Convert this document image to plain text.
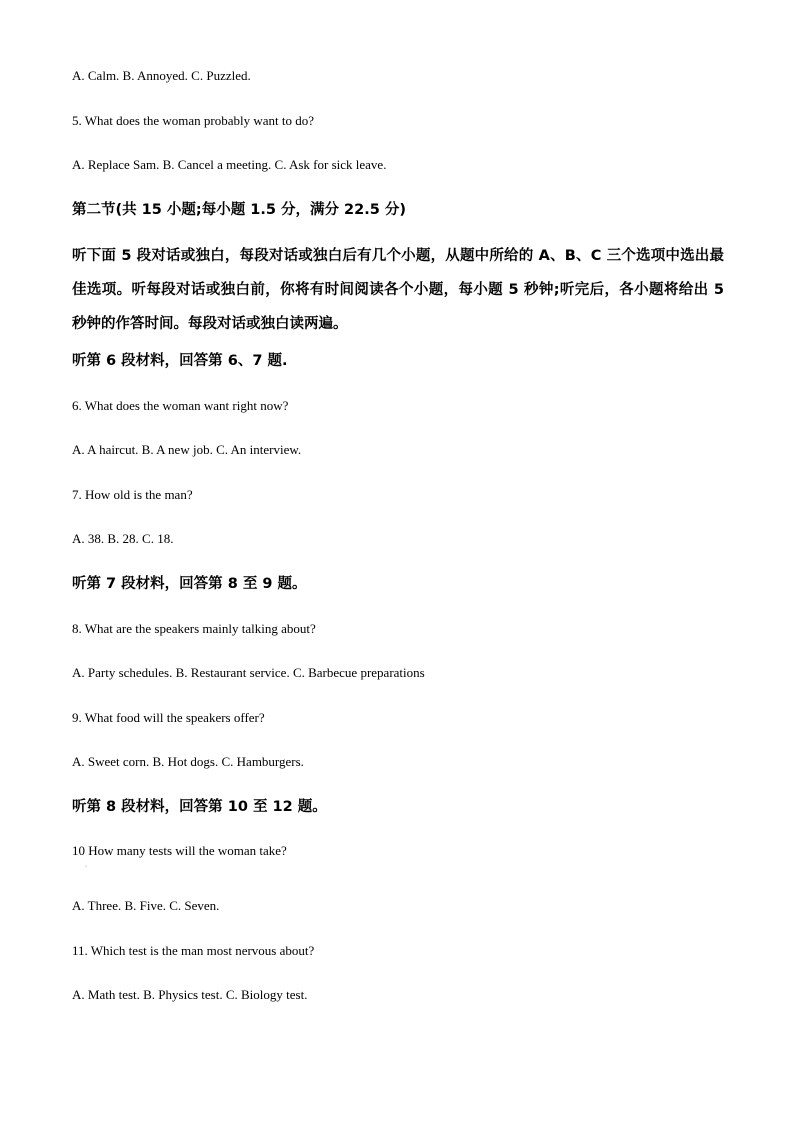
A. Calm. B. Annoyed. C. Puzzled.
5. What does the woman probably want to do?
A. Replace Sam. B. Cancel a meeting. C. Ask for sick leave.
第二节(共 15 小题;每小题 1.5 分，满分 22.5 分)
听下面 5 段对话或独白，每段对话或独白后有几个小题，从题中所给的 A、B、C 三个选项中选出最佳选项。听每段对话或独白前，你将有时间阅读各个小题，每小题 5 秒钟;听完后，各小题将给出 5 秒钟的作答时间。每段对话或独白读两遍。
听第 6 段材料，回答第 6、7 题.
6. What does the woman want right now?
A. A haircut. B. A new job. C. An interview.
7. How old is the man?
A. 38. B. 28. C. 18.
听第 7 段材料，回答第 8 至 9 题。
8. What are the speakers mainly talking about?
A. Party schedules. B. Restaurant service. C. Barbecue preparations
9. What food will the speakers offer?
A. Sweet corn. B. Hot dogs. C. Hamburgers.
听第 8 段材料，回答第 10 至 12 题。
10 How many tests will the woman take?
·
A. Three. B. Five. C. Seven.
11. Which test is the man most nervous about?
A. Math test. B. Physics test. C. Biology test.
